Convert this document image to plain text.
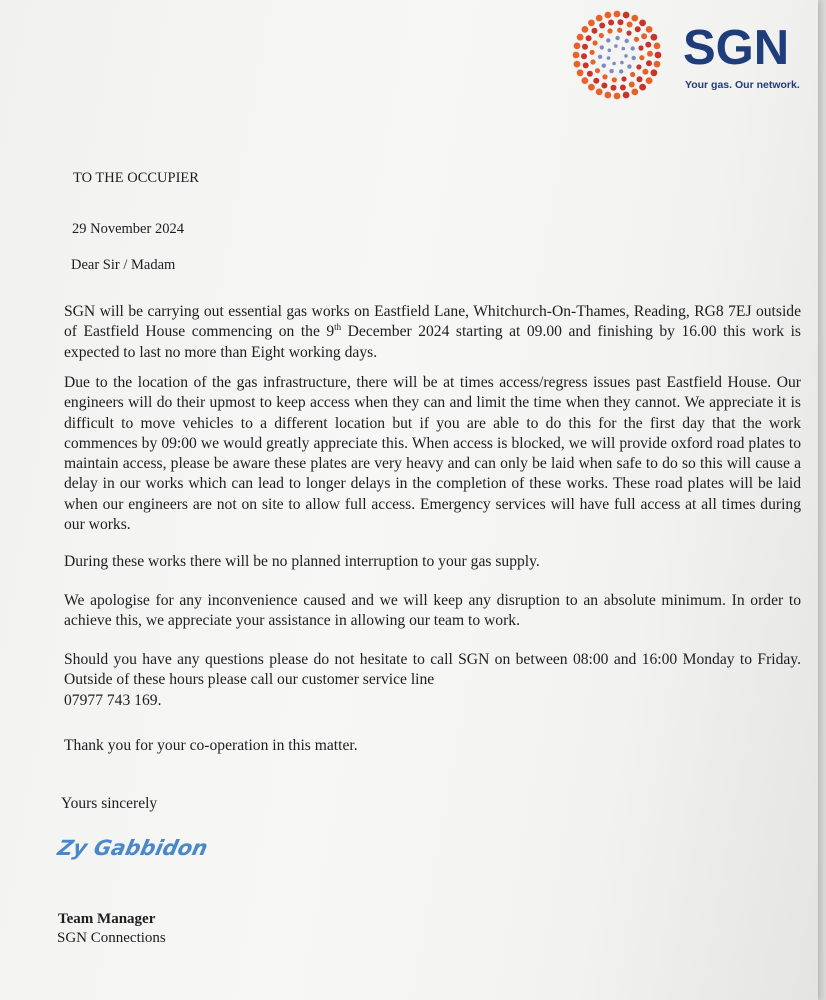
SGN
Your gas. Our network.

TO THE OCCUPIER

29 November 2024

Dear Sir / Madam

SGN will be carrying out essential gas works on Eastfield Lane, Whitchurch-On-Thames, Reading, RG8 7EJ outside of Eastfield House commencing on the 9th December 2024 starting at 09.00 and finishing by 16.00 this work is expected to last no more than Eight working days.

Due to the location of the gas infrastructure, there will be at times access/regress issues past Eastfield House. Our engineers will do their upmost to keep access when they can and limit the time when they cannot. We appreciate it is difficult to move vehicles to a different location but if you are able to do this for the first day that the work commences by 09:00 we would greatly appreciate this. When access is blocked, we will provide oxford road plates to maintain access, please be aware these plates are very heavy and can only be laid when safe to do so this will cause a delay in our works which can lead to longer delays in the completion of these works. These road plates will be laid when our engineers are not on site to allow full access. Emergency services will have full access at all times during our works.

During these works there will be no planned interruption to your gas supply.

We apologise for any inconvenience caused and we will keep any disruption to an absolute minimum. In order to achieve this, we appreciate your assistance in allowing our team to work.

Should you have any questions please do not hesitate to call SGN on between 08:00 and 16:00 Monday to Friday. Outside of these hours please call our customer service line
07977 743 169.

Thank you for your co-operation in this matter.

Yours sincerely

Zy Gabbidon

Team Manager

SGN Connections
